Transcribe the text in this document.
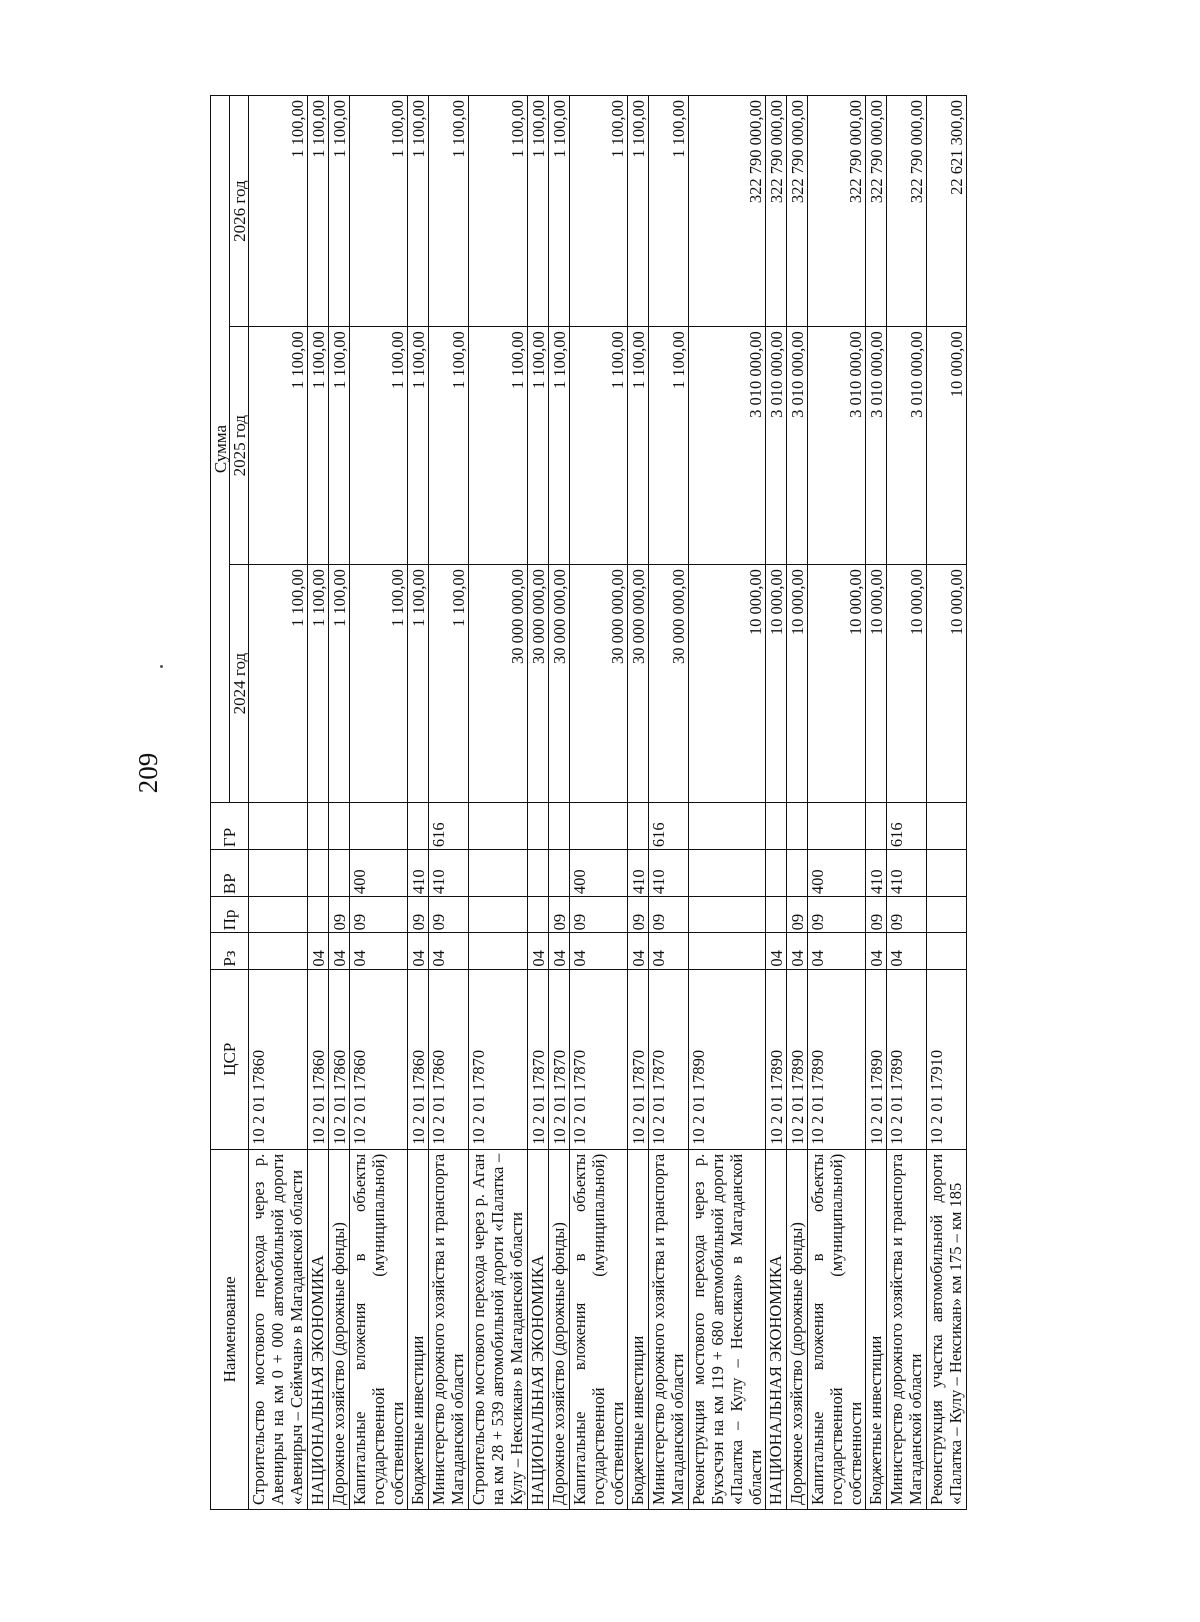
209
Наименование	ЦСР	Рз	Пр	ВР	ГР	Сумма		
						2024 год	2025 год	2026 год
Строительство мостового перехода через р. Авенирыч на км 0 + 000 автомобильной дороги «Авенирыч – Сеймчан» в Магаданской области	10 2 01 17860					1 100,00	1 100,00	1 100,00
НАЦИОНАЛЬНАЯ ЭКОНОМИКА	10 2 01 17860	04				1 100,00	1 100,00	1 100,00
Дорожное хозяйство (дорожные фонды)	10 2 01 17860	04	09			1 100,00	1 100,00	1 100,00
Капитальные вложения в объекты государственной (муниципальной) собственности	10 2 01 17860	04	09	400		1 100,00	1 100,00	1 100,00
Бюджетные инвестиции	10 2 01 17860	04	09	410		1 100,00	1 100,00	1 100,00
Министерство дорожного хозяйства и транспорта Магаданской области	10 2 01 17860	04	09	410	616	1 100,00	1 100,00	1 100,00
Строительство мостового перехода через р. Аган на км 28 + 539 автомобильной дороги «Палатка – Кулу – Нексикан» в Магаданской области	10 2 01 17870					30 000 000,00	1 100,00	1 100,00
НАЦИОНАЛЬНАЯ ЭКОНОМИКА	10 2 01 17870	04				30 000 000,00	1 100,00	1 100,00
Дорожное хозяйство (дорожные фонды)	10 2 01 17870	04	09			30 000 000,00	1 100,00	1 100,00
Капитальные вложения в объекты государственной (муниципальной) собственности	10 2 01 17870	04	09	400		30 000 000,00	1 100,00	1 100,00
Бюджетные инвестиции	10 2 01 17870	04	09	410		30 000 000,00	1 100,00	1 100,00
Министерство дорожного хозяйства и транспорта Магаданской области	10 2 01 17870	04	09	410	616	30 000 000,00	1 100,00	1 100,00
Реконструкция мостового перехода через р. Букэсчэн на км 119 + 680 автомобильной дороги «Палатка – Кулу – Нексикан» в Магаданской области	10 2 01 17890					10 000,00	3 010 000,00	322 790 000,00
НАЦИОНАЛЬНАЯ ЭКОНОМИКА	10 2 01 17890	04				10 000,00	3 010 000,00	322 790 000,00
Дорожное хозяйство (дорожные фонды)	10 2 01 17890	04	09			10 000,00	3 010 000,00	322 790 000,00
Капитальные вложения в объекты государственной (муниципальной) собственности	10 2 01 17890	04	09	400		10 000,00	3 010 000,00	322 790 000,00
Бюджетные инвестиции	10 2 01 17890	04	09	410		10 000,00	3 010 000,00	322 790 000,00
Министерство дорожного хозяйства и транспорта Магаданской области	10 2 01 17890	04	09	410	616	10 000,00	3 010 000,00	322 790 000,00
Реконструкция участка автомобильной дороги «Палатка – Кулу – Нексикан» км 175 – км 185	10 2 01 17910					10 000,00	10 000,00	22 621 300,00
